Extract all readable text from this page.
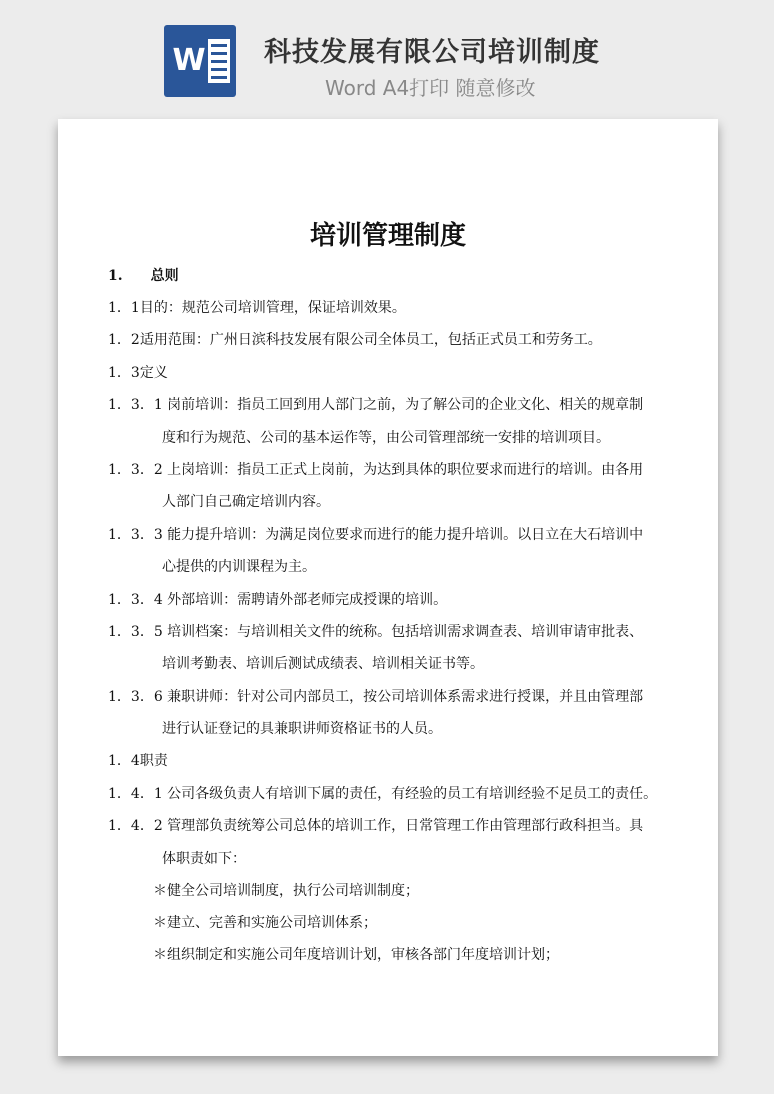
W 科技发展有限公司培训制度
Word A4打印 随意修改
培训管理制度
1.　　总则
1．1目的：规范公司培训管理，保证培训效果。
1．2适用范围：广州日滨科技发展有限公司全体员工，包括正式员工和劳务工。
1．3定义
1．3．1 岗前培训：指员工回到用人部门之前，为了解公司的企业文化、相关的规章制
度和行为规范、公司的基本运作等，由公司管理部统一安排的培训项目。
1．3．2 上岗培训：指员工正式上岗前，为达到具体的职位要求而进行的培训。由各用
人部门自己确定培训内容。
1．3．3 能力提升培训：为满足岗位要求而进行的能力提升培训。以日立在大石培训中
心提供的内训课程为主。
1．3．4 外部培训：需聘请外部老师完成授课的培训。
1．3．5 培训档案：与培训相关文件的统称。包括培训需求调查表、培训审请审批表、
培训考勤表、培训后测试成绩表、培训相关证书等。
1．3．6 兼职讲师：针对公司内部员工，按公司培训体系需求进行授课，并且由管理部
进行认证登记的具兼职讲师资格证书的人员。
1．4职责
1．4．1 公司各级负责人有培训下属的责任，有经验的员工有培训经验不足员工的责任。
1．4．2 管理部负责统筹公司总体的培训工作，日常管理工作由管理部行政科担当。具
体职责如下：
＊健全公司培训制度，执行公司培训制度；
＊建立、完善和实施公司培训体系；
＊组织制定和实施公司年度培训计划，审核各部门年度培训计划；
